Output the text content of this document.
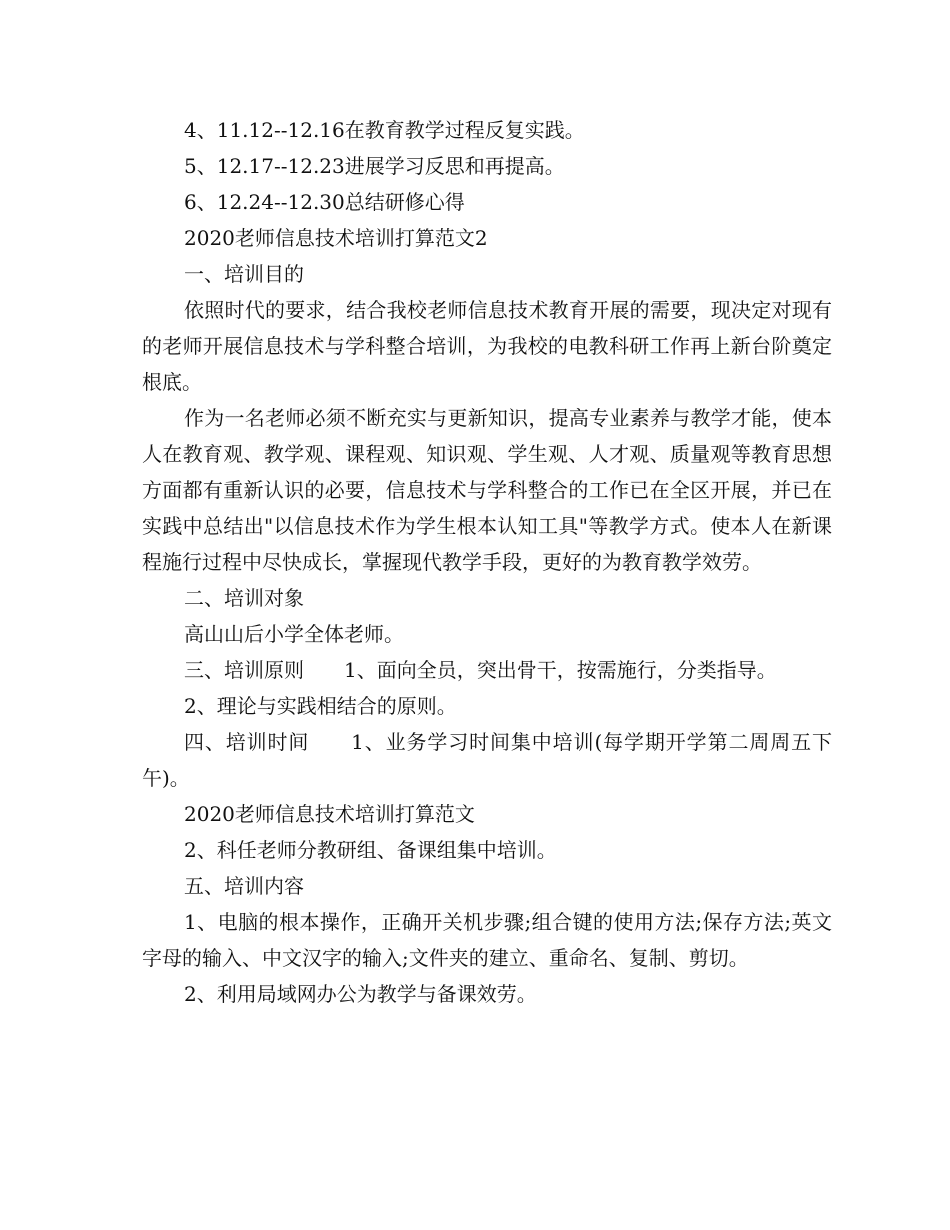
4、11.12--12.16在教育教学过程反复实践。

5、12.17--12.23进展学习反思和再提高。

6、12.24--12.30总结研修心得

2020老师信息技术培训打算范文2

一、培训目的

依照时代的要求，结合我校老师信息技术教育开展的需要，现决定对现有的老师开展信息技术与学科整合培训，为我校的电教科研工作再上新台阶奠定根底。

作为一名老师必须不断充实与更新知识，提高专业素养与教学才能，使本人在教育观、教学观、课程观、知识观、学生观、人才观、质量观等教育思想方面都有重新认识的必要，信息技术与学科整合的工作已在全区开展，并已在实践中总结出"以信息技术作为学生根本认知工具"等教学方式。使本人在新课程施行过程中尽快成长，掌握现代教学手段，更好的为教育教学效劳。

二、培训对象

高山山后小学全体老师。

三、培训原则　　1、面向全员，突出骨干，按需施行，分类指导。

2、理论与实践相结合的原则。

四、培训时间　　1、业务学习时间集中培训(每学期开学第二周周五下午)。

2020老师信息技术培训打算范文

2、科任老师分教研组、备课组集中培训。

五、培训内容

1、电脑的根本操作，正确开关机步骤;组合键的使用方法;保存方法;英文字母的输入、中文汉字的输入;文件夹的建立、重命名、复制、剪切。

2、利用局域网办公为教学与备课效劳。
